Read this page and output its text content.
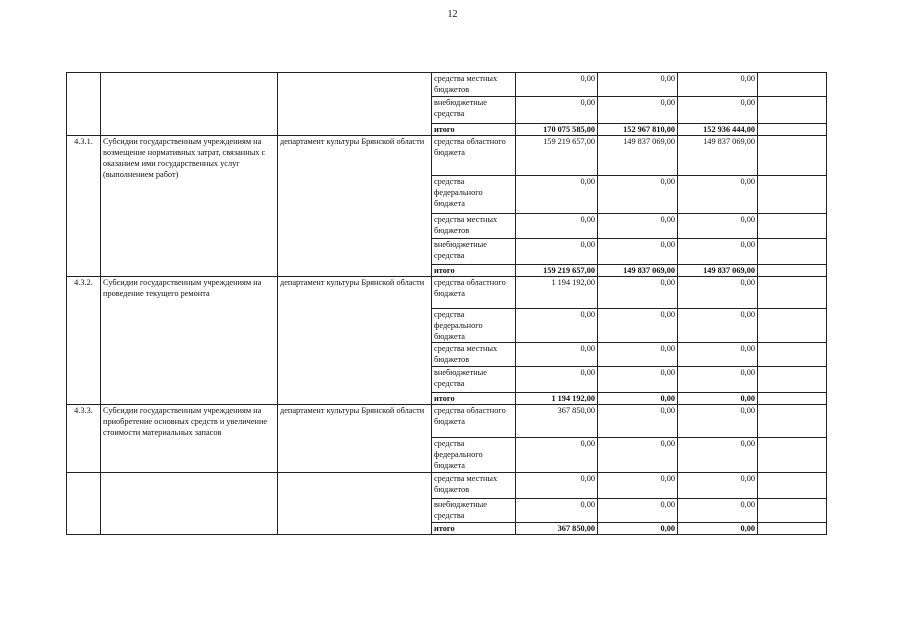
12
			средства местных бюджетов	0,00	0,00	0,00	
			внебюджетные средства	0,00	0,00	0,00	
			итого	170 075 585,00	152 967 810,00	152 936 444,00	
4.3.1.	Субсидии государственным учреждениям на возмещение нормативных затрат, связанных с оказанием ими государственных услуг (выполнением работ)	департамент культуры Брянской области	средства областного бюджета	159 219 657,00	149 837 069,00	149 837 069,00	
			средства федерального бюджета	0,00	0,00	0,00	
			средства местных бюджетов	0,00	0,00	0,00	
			внебюджетные средства	0,00	0,00	0,00	
			итого	159 219 657,00	149 837 069,00	149 837 069,00	
4.3.2.	Субсидии государственным учреждениям на проведение текущего ремонта	департамент культуры Брянской области	средства областного бюджета	1 194 192,00	0,00	0,00	
			средства федерального бюджета	0,00	0,00	0,00	
			средства местных бюджетов	0,00	0,00	0,00	
			внебюджетные средства	0,00	0,00	0,00	
			итого	1 194 192,00	0,00	0,00	
4.3.3.	Субсидии государственным учреждениям на приобретение основных средств и увеличение стоимости материальных запасов	департамент культуры Брянской области	средства областного бюджета	367 850,00	0,00	0,00	
			средства федерального бюджета	0,00	0,00	0,00	
			средства местных бюджетов	0,00	0,00	0,00	
			внебюджетные средства	0,00	0,00	0,00	
			итого	367 850,00	0,00	0,00	
